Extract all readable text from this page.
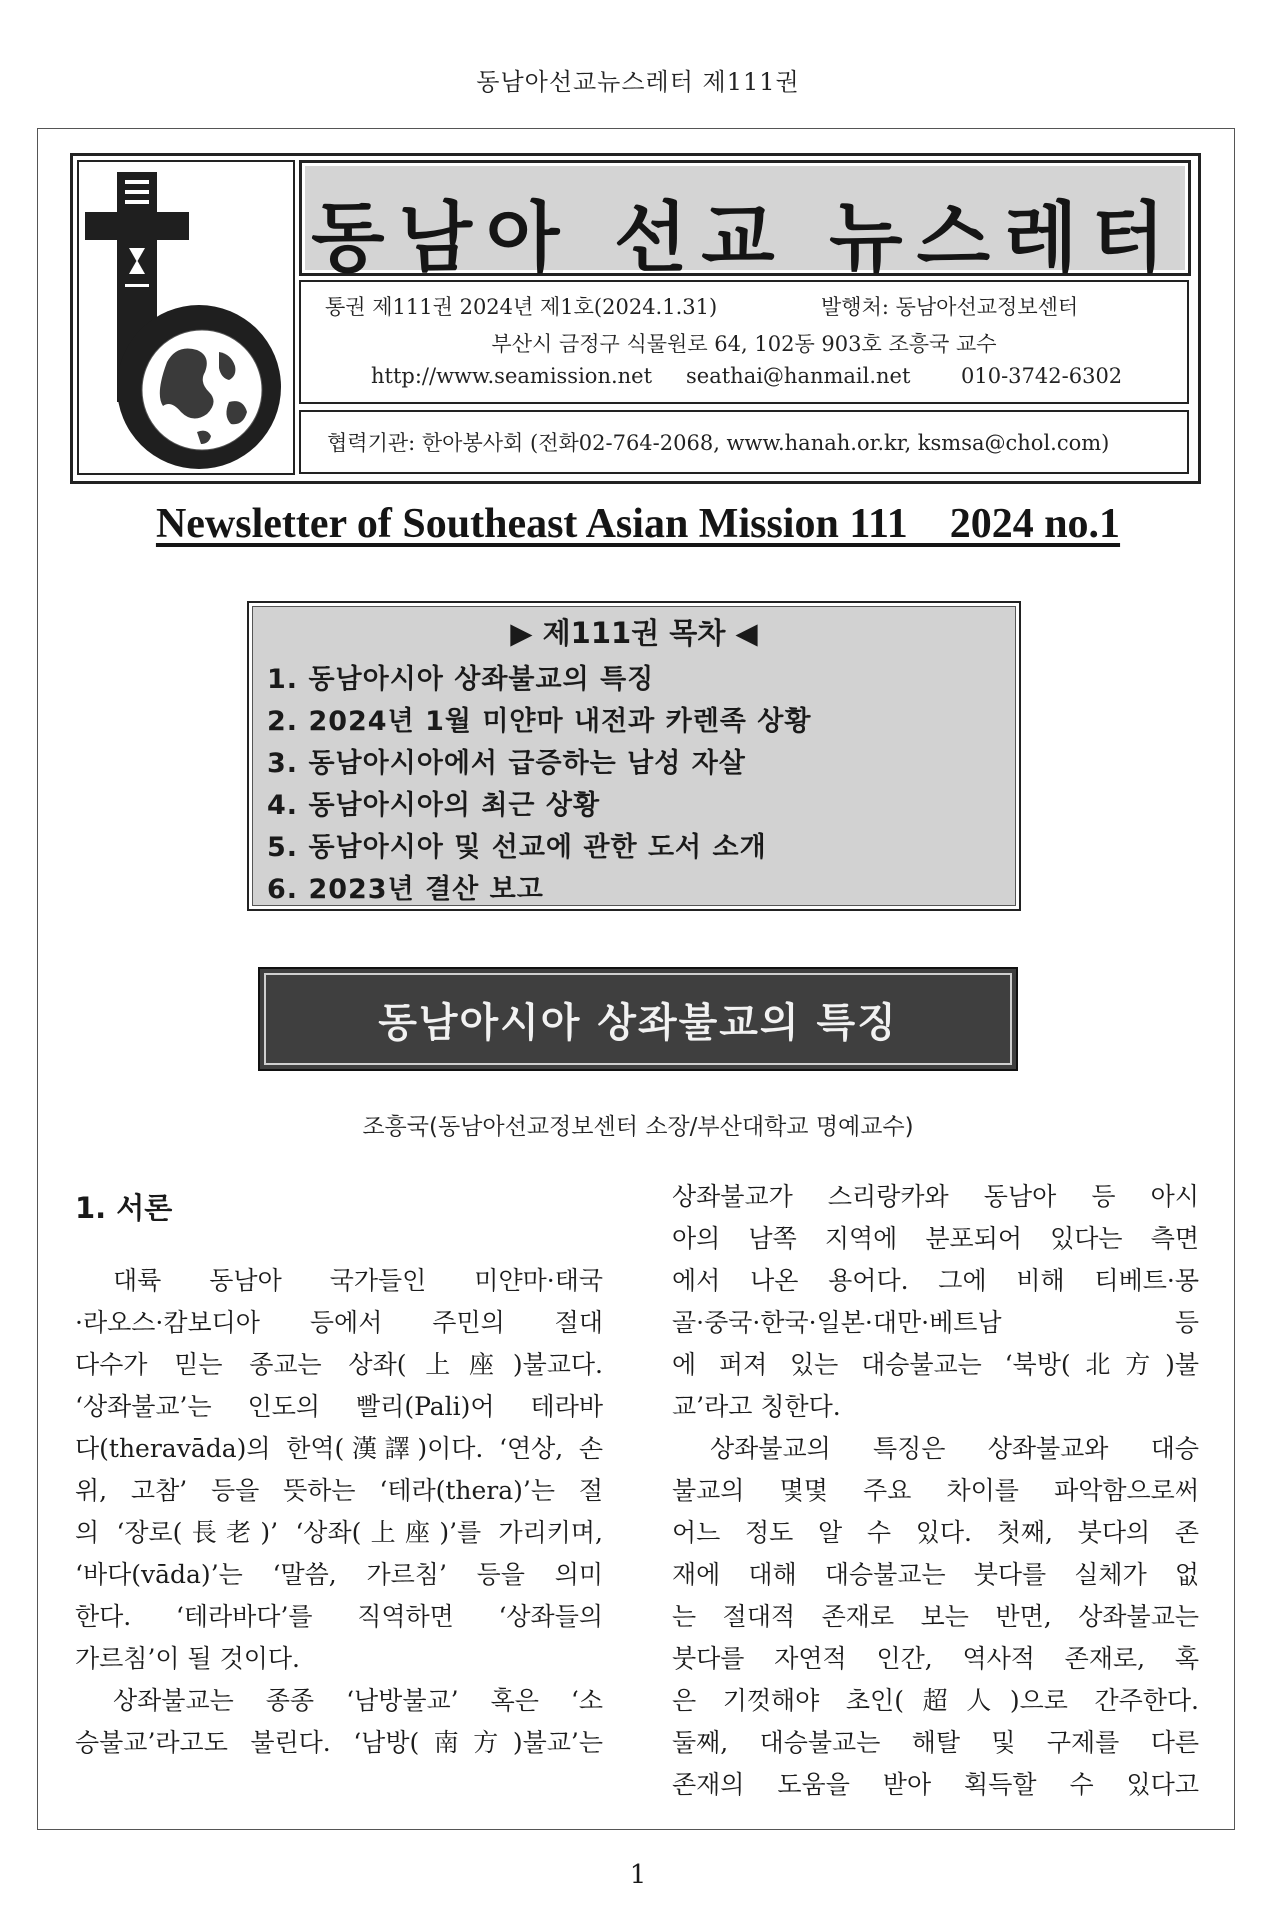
동남아선교뉴스레터 제111권
동남아 선교 뉴스레터
통권 제111권 2024년 제1호(2024.1.31)	발행처: 동남아선교정보센터
부산시 금정구 식물원로 64, 102동 903호 조흥국 교수
http://www.seamission.net seathai@hanmail.net 010-3742-6302
협력기관: 한아봉사회 (전화02-764-2068, www.hanah.or.kr, ksmsa@chol.com)
Newsletter of Southeast Asian Mission 111    2024 no.1
▶ 제111권 목차 ◀
1. 동남아시아 상좌불교의 특징
2. 2024년 1월 미얀마 내전과 카렌족 상황
3. 동남아시아에서 급증하는 남성 자살
4. 동남아시아의 최근 상황
5. 동남아시아 및 선교에 관한 도서 소개
6. 2023년 결산 보고
동남아시아 상좌불교의 특징
조흥국(동남아선교정보센터 소장/부산대학교 명예교수)
1. 서론
대륙 동남아 국가들인 미얀마·태국
·라오스·캄보디아 등에서 주민의 절대
다수가 믿는 종교는 상좌(上座)불교다.
‘상좌불교’는 인도의 빨리(Pali)어 테라바
다(theravāda)의 한역(漢譯)이다. ‘연상, 손
위, 고참’ 등을 뜻하는 ‘테라(thera)’는 절
의 ‘장로(長老)’ ‘상좌(上座)’를 가리키며,
‘바다(vāda)’는 ‘말씀, 가르침’ 등을 의미
한다. ‘테라바다’를 직역하면 ‘상좌들의
가르침’이 될 것이다.
상좌불교는 종종 ‘남방불교’ 혹은 ‘소
승불교’라고도 불린다. ‘남방(南方)불교’는
상좌불교가 스리랑카와 동남아 등 아시
아의 남쪽 지역에 분포되어 있다는 측면
에서 나온 용어다. 그에 비해 티베트·몽
골·중국·한국·일본·대만·베트남 등
에 퍼져 있는 대승불교는 ‘북방(北方)불
교’라고 칭한다.
상좌불교의 특징은 상좌불교와 대승
불교의 몇몇 주요 차이를 파악함으로써
어느 정도 알 수 있다. 첫째, 붓다의 존
재에 대해 대승불교는 붓다를 실체가 없
는 절대적 존재로 보는 반면, 상좌불교는
붓다를 자연적 인간, 역사적 존재로, 혹
은 기껏해야 초인(超人)으로 간주한다.
둘째, 대승불교는 해탈 및 구제를 다른
존재의 도움을 받아 획득할 수 있다고
1
